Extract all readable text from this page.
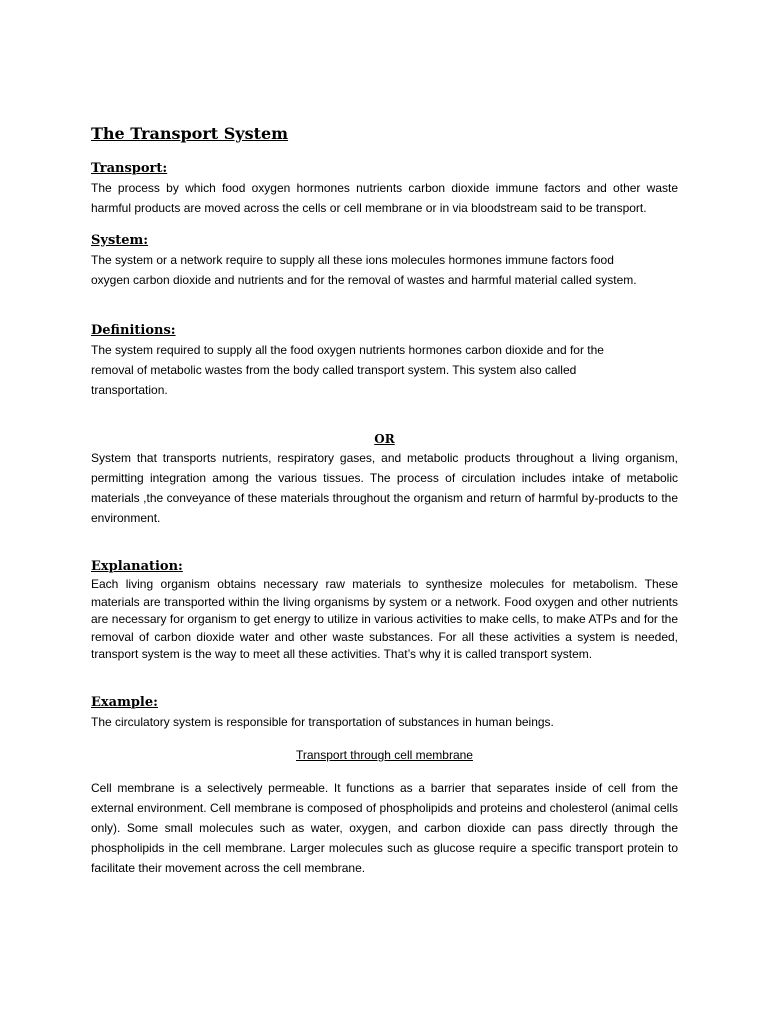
The Transport System
Transport:

The process by which food oxygen hormones nutrients carbon dioxide immune factors and other waste harmful products are moved across the cells or cell membrane or in via bloodstream said to be transport.

System:

The system or a network require to supply all these ions molecules hormones immune factors food

oxygen carbon dioxide and nutrients and for the removal of wastes and harmful material called system.

Definitions:

The system required to supply all the food oxygen nutrients hormones carbon dioxide and for the

removal of metabolic wastes from the body called transport system. This system also called

transportation.

OR

System that transports nutrients, respiratory gases, and metabolic products throughout a living organism, permitting integration among the various tissues. The process of circulation includes intake of metabolic materials ,the conveyance of these materials throughout the organism and return of harmful by-products to the environment.

Explanation:

Each living organism obtains necessary raw materials to synthesize molecules for metabolism. These materials are transported within the living organisms by system or a network. Food oxygen and other nutrients are necessary for organism to get energy to utilize in various activities to make cells, to make ATPs and for the removal of carbon dioxide water and other waste substances. For all these activities a system is needed, transport system is the way to meet all these activities. That’s why it is called transport system.

Example:

The circulatory system is responsible for transportation of substances in human beings.

Transport through cell membrane

Cell membrane is a selectively permeable. It functions as a barrier that separates inside of cell from the external environment. Cell membrane is composed of phospholipids and proteins and cholesterol (animal cells only). Some small molecules such as water, oxygen, and carbon dioxide can pass directly through the phospholipids in the cell membrane. Larger molecules such as glucose require a specific transport protein to facilitate their movement across the cell membrane.
